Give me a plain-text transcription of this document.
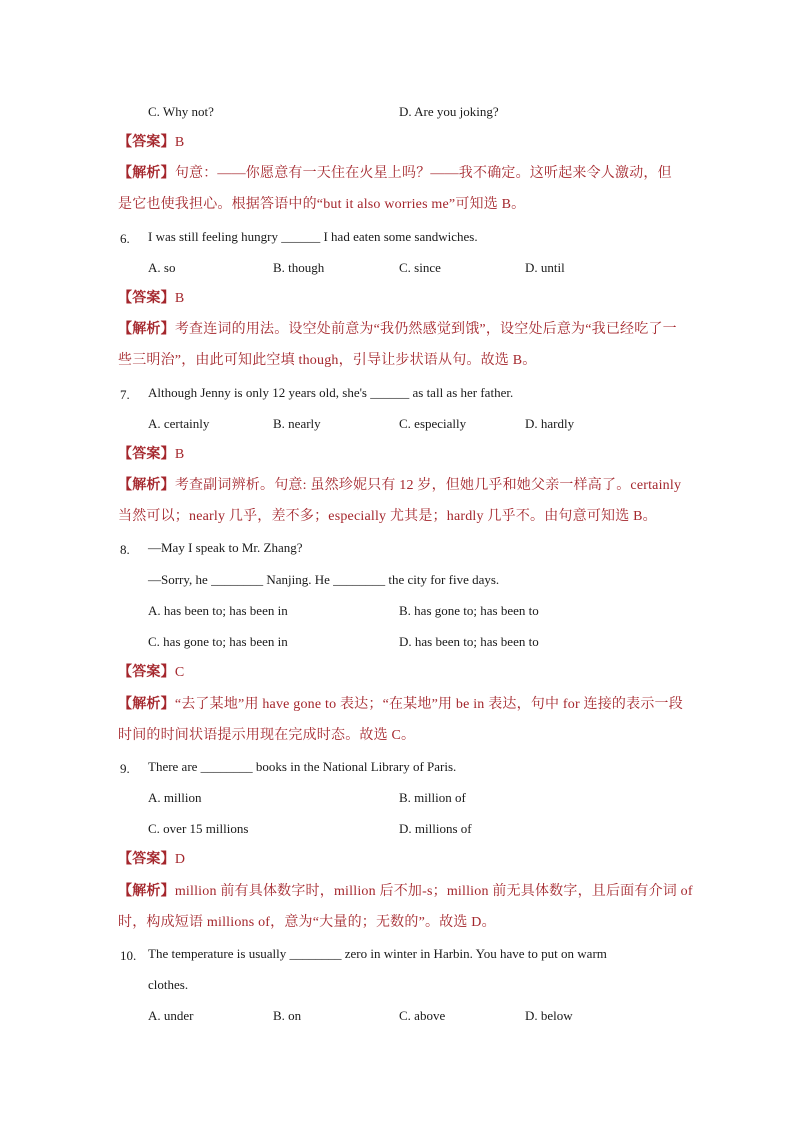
C. Why not?	D. Are you joking?
【答案】B
【解析】句意：——你愿意有一天住在火星上吗？——我不确定。这听起来令人激动，但
是它也使我担心。根据答语中的“but it also worries me”可知选 B。
6. I was still feeling hungry ______ I had eaten some sandwiches.
A. so	B. though	C. since	D. until
【答案】B
【解析】考查连词的用法。设空处前意为“我仍然感觉到饿”，设空处后意为“我已经吃了一
些三明治”，由此可知此空填 though，引导让步状语从句。故选 B。
7. Although Jenny is only 12 years old, she's ______ as tall as her father.
A. certainly	B. nearly	C. especially	D. hardly
【答案】B
【解析】考查副词辨析。句意: 虽然珍妮只有 12 岁，但她几乎和她父亲一样高了。certainly
当然可以；nearly 几乎，差不多；especially 尤其是；hardly 几乎不。由句意可知选 B。
8. —May I speak to Mr. Zhang?
—Sorry, he ________ Nanjing. He ________ the city for five days.
A. has been to; has been in	B. has gone to; has been to
C. has gone to; has been in	D. has been to; has been to
【答案】C
【解析】“去了某地”用 have gone to 表达；“在某地”用 be in 表达，句中 for 连接的表示一段
时间的时间状语提示用现在完成时态。故选 C。
9. There are ________ books in the National Library of Paris.
A. million	B. million of
C. over 15 millions	D. millions of
【答案】D
【解析】million 前有具体数字时，million 后不加-s；million 前无具体数字，且后面有介词 of
时，构成短语 millions of，意为“大量的；无数的”。故选 D。
10. The temperature is usually ________ zero in winter in Harbin. You have to put on warm
clothes.
A. under	B. on	C. above	D. below
